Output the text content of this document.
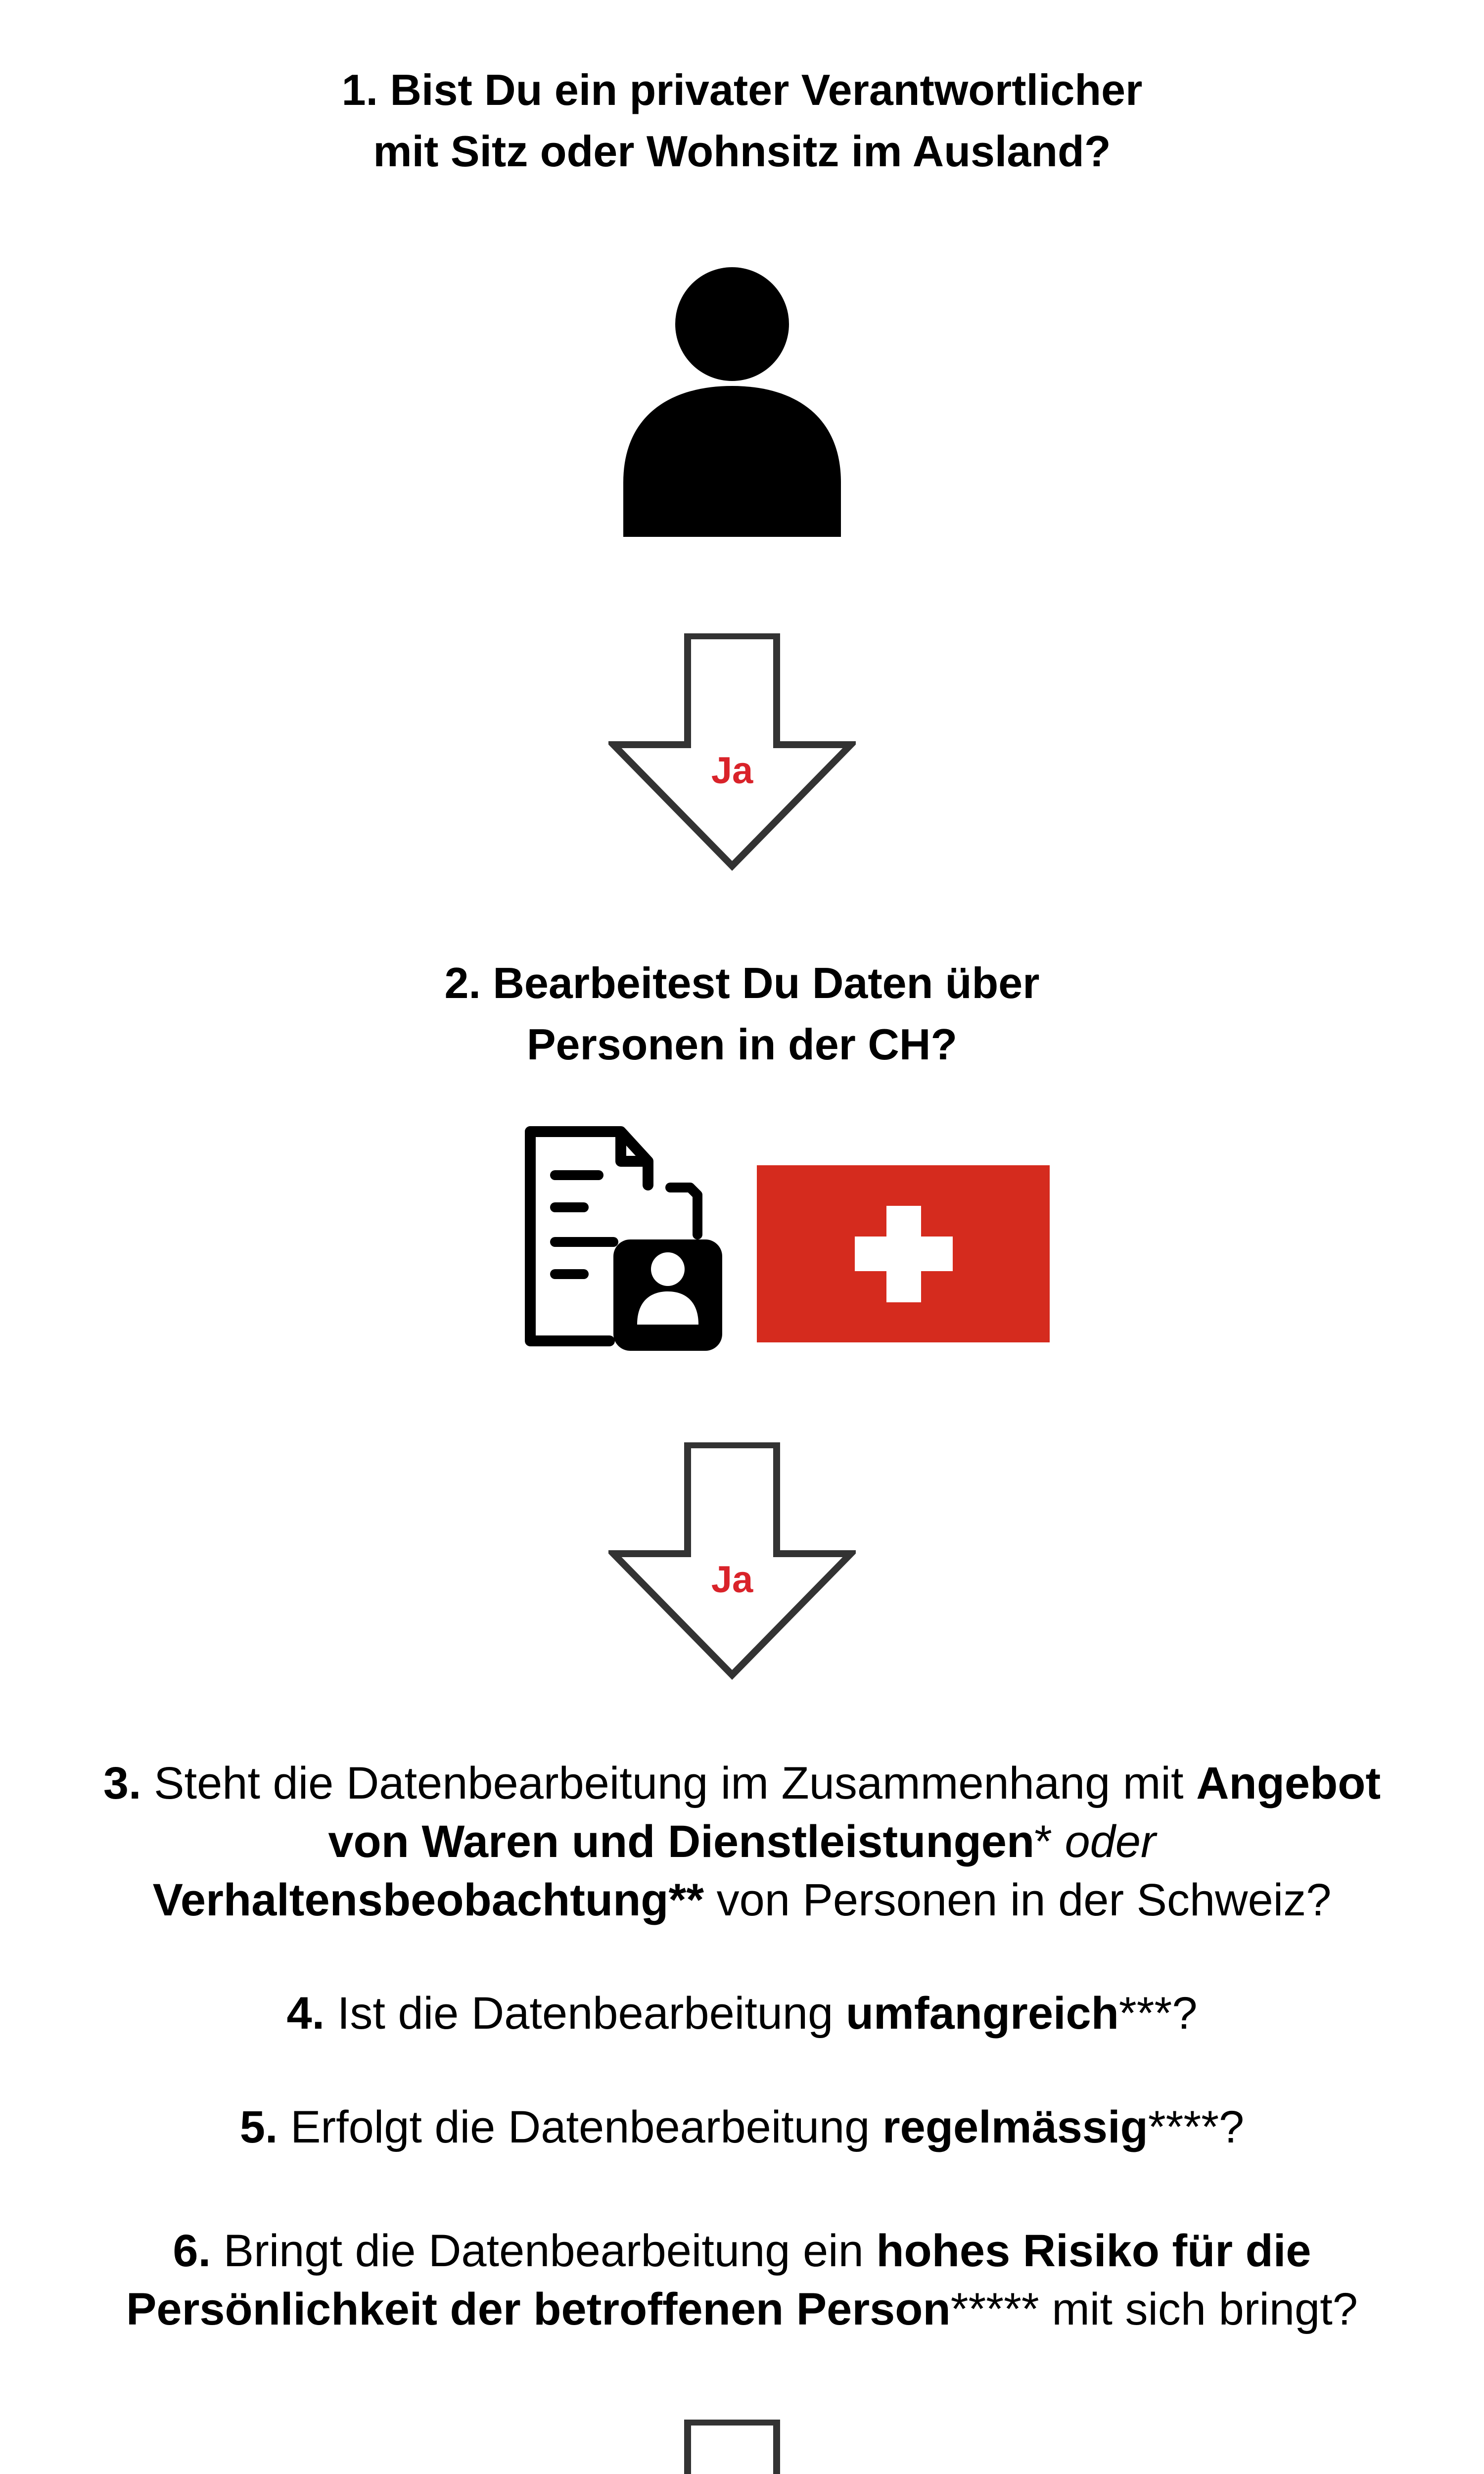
1. Bist Du ein privater Verantwortlicher
mit Sitz oder Wohnsitz im Ausland?
Ja
2. Bearbeitest Du Daten über
Personen in der CH?
Ja
3. Steht die Datenbearbeitung im Zusammenhang mit Angebot
von Waren und Dienstleistungen* oder
Verhaltensbeobachtung** von Personen in der Schweiz?
4. Ist die Datenbearbeitung umfangreich***?
5. Erfolgt die Datenbearbeitung regelmässig****?
6. Bringt die Datenbearbeitung ein hohes Risiko für die
Persönlichkeit der betroffenen Person***** mit sich bringt?
